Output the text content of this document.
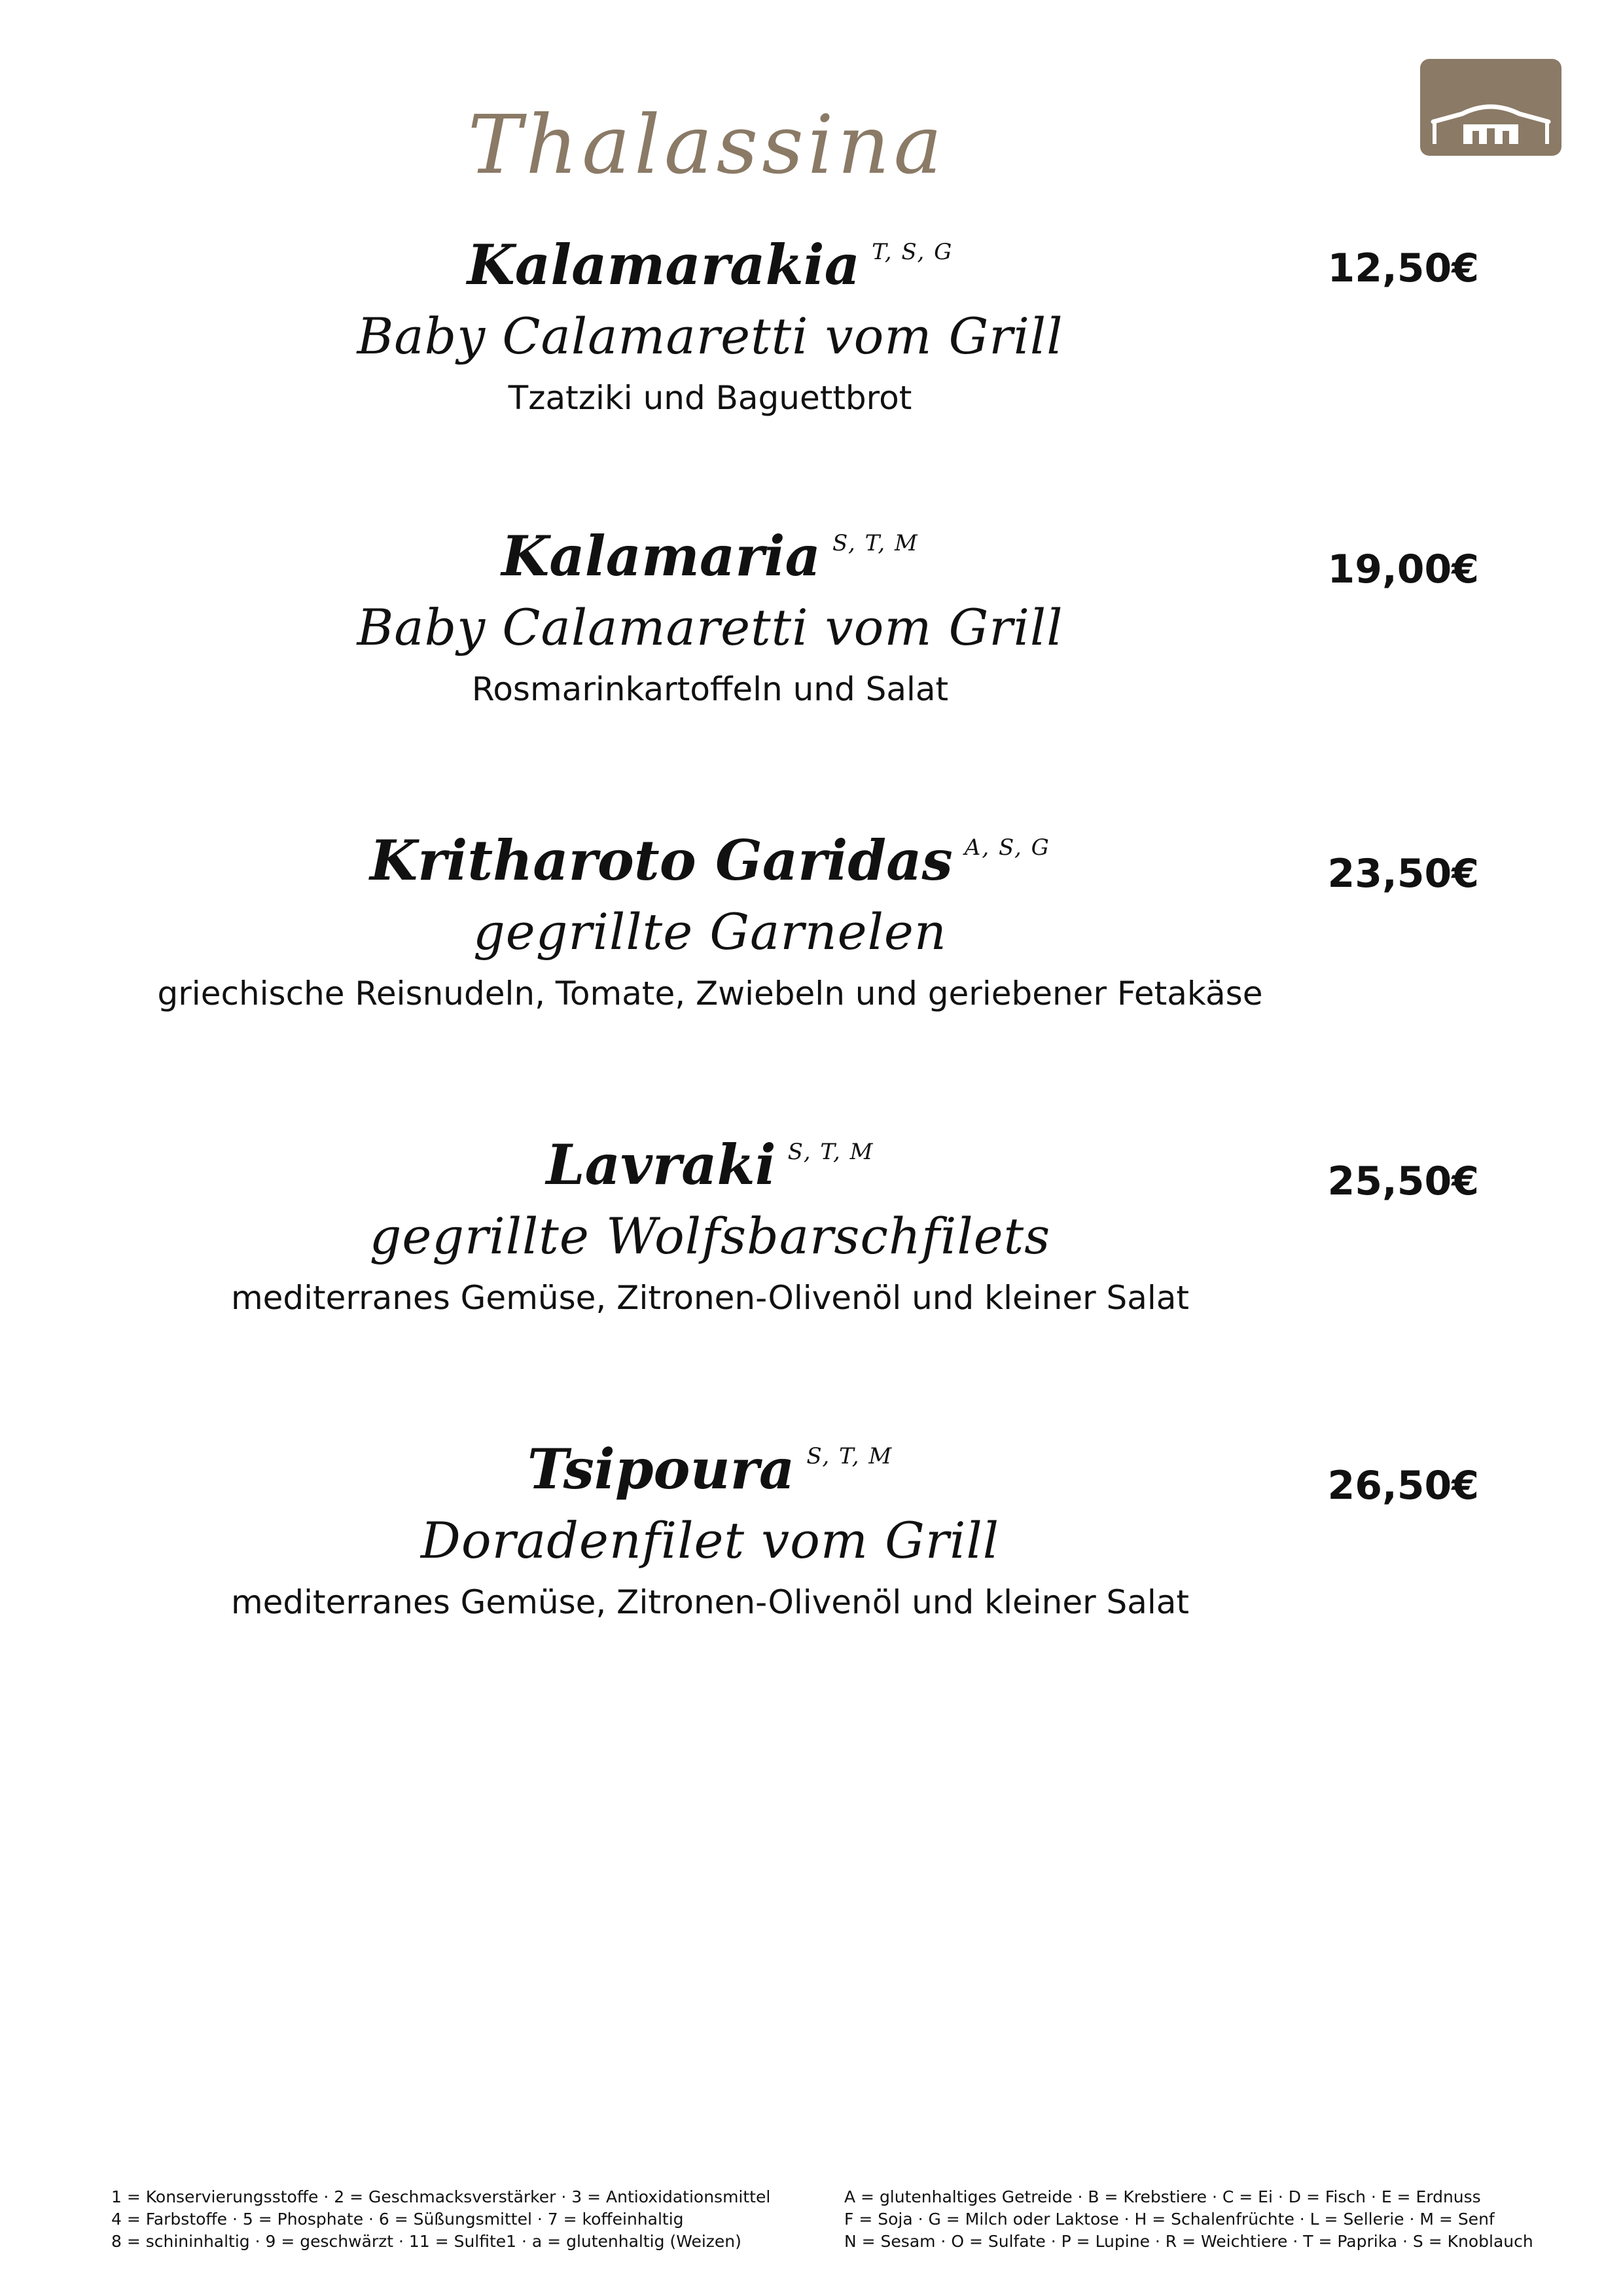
Thalassina
Kalamarakia T, S, G
Baby Calamaretti vom Grill
Tzatziki und Baguettbrot
12,50€
Kalamaria S, T, M
Baby Calamaretti vom Grill
Rosmarinkartoffeln und Salat
19,00€
Kritharoto Garidas A, S, G
gegrillte Garnelen
griechische Reisnudeln, Tomate, Zwiebeln und geriebener Fetakäse
23,50€
Lavraki S, T, M
gegrillte Wolfsbarschfilets
mediterranes Gemüse, Zitronen-Olivenöl und kleiner Salat
25,50€
Tsipoura S, T, M
Doradenfilet vom Grill
mediterranes Gemüse, Zitronen-Olivenöl und kleiner Salat
26,50€
1 = Konservierungsstoffe · 2 = Geschmacksverstärker · 3 = Antioxidationsmittel
4 = Farbstoffe · 5 = Phosphate · 6 = Süßungsmittel · 7 = koffeinhaltig
8 = schininhaltig · 9 = geschwärzt · 11 = Sulfite1 · a = glutenhaltig (Weizen)
A = glutenhaltiges Getreide · B = Krebstiere · C = Ei · D = Fisch · E = Erdnuss
F = Soja · G = Milch oder Laktose · H = Schalenfrüchte · L = Sellerie · M = Senf
N = Sesam · O = Sulfate · P = Lupine · R = Weichtiere · T = Paprika · S = Knoblauch
